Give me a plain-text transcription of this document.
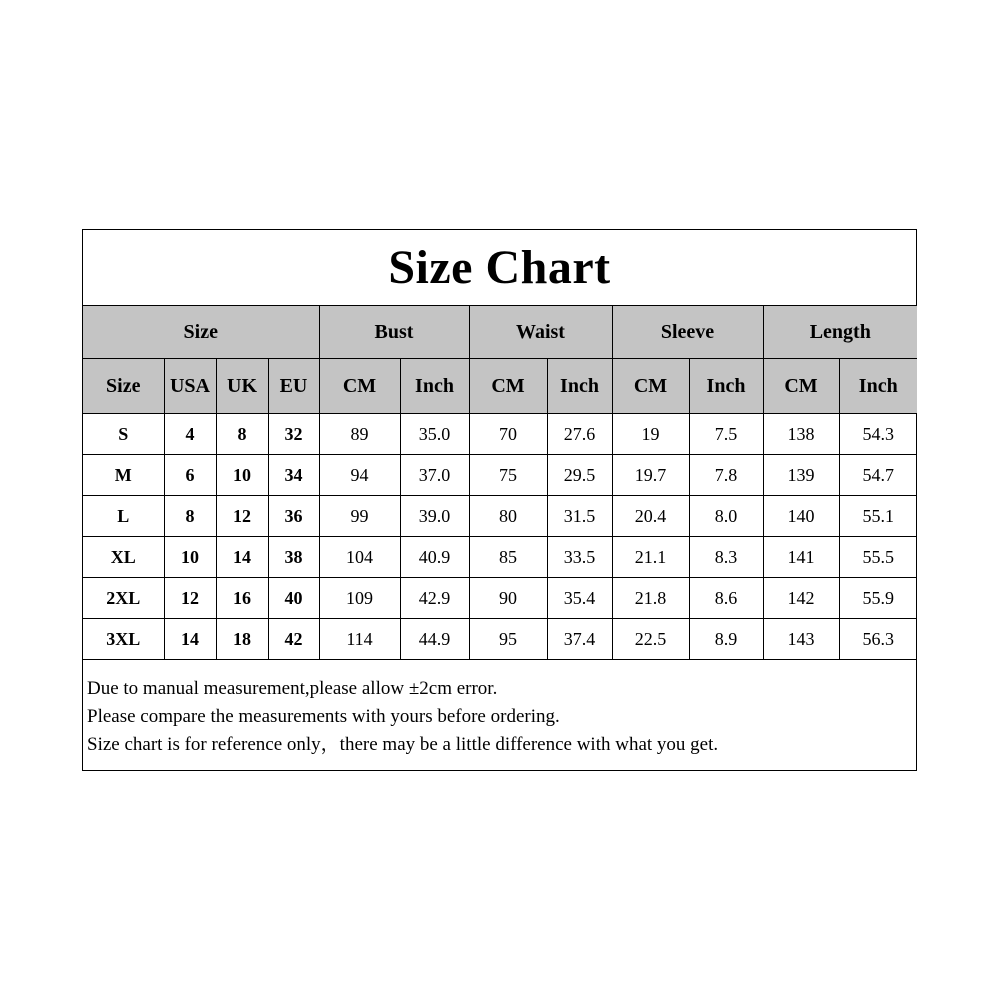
Size Chart
Size				Bust		Waist		Sleeve		Length	
Size	USA	UK	EU	CM	Inch	CM	Inch	CM	Inch	CM	Inch
S	4	8	32	89	35.0	70	27.6	19	7.5	138	54.3
M	6	10	34	94	37.0	75	29.5	19.7	7.8	139	54.7
L	8	12	36	99	39.0	80	31.5	20.4	8.0	140	55.1
XL	10	14	38	104	40.9	85	33.5	21.1	8.3	141	55.5
2XL	12	16	40	109	42.9	90	35.4	21.8	8.6	142	55.9
3XL	14	18	42	114	44.9	95	37.4	22.5	8.9	143	56.3
Due to manual measurement,please allow ±2cm error.
Please compare the measurements with yours before ordering.
Size chart is for reference only，there may be a little difference with what you get.
